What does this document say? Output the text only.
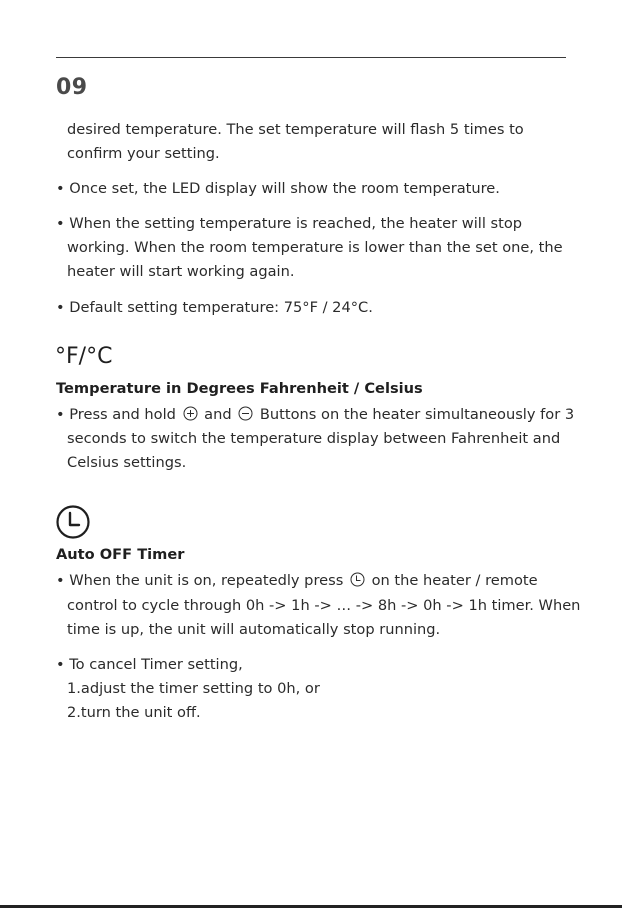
09
desired temperature. The set temperature will flash 5 times to
confirm your setting.
• Once set, the LED display will show the room temperature.
• When the setting temperature is reached, the heater will stop
working. When the room temperature is lower than the set one, the
heater will start working again.
• Default setting temperature: 75°F / 24°C.
°F/°C
Temperature in Degrees Fahrenheit / Celsius
• Press and hold  and  Buttons on the heater simultaneously for 3
seconds to switch the temperature display between Fahrenheit and
Celsius settings.
Auto OFF Timer
• When the unit is on, repeatedly press  on the heater / remote
control to cycle through 0h -> 1h -> … -> 8h -> 0h -> 1h timer. When
time is up, the unit will automatically stop running.
• To cancel Timer setting,
1.adjust the timer setting to 0h, or
2.turn the unit off.
